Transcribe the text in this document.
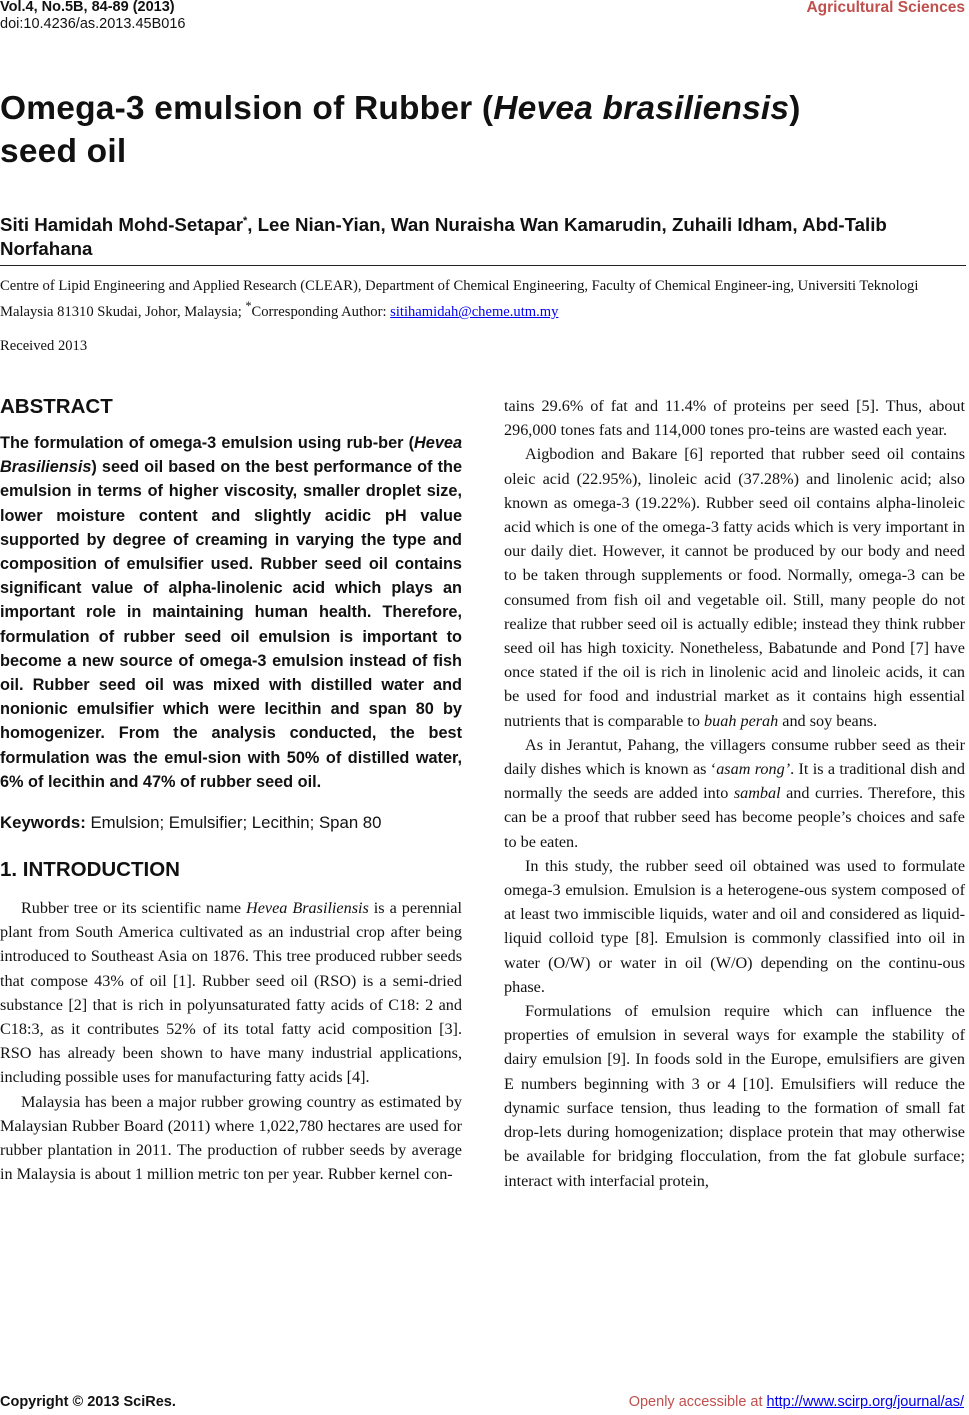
Vol.4, No.5B, 84-89 (2013)
doi:10.4236/as.2013.45B016
Agricultural Sciences
Omega-3 emulsion of Rubber (Hevea brasiliensis)
seed oil

Siti Hamidah Mohd-Setapar*, Lee Nian-Yian, Wan Nuraisha Wan Kamarudin, Zuhaili Idham, Abd-Talib Norfahana

Centre of Lipid Engineering and Applied Research (CLEAR), Department of Chemical Engineering, Faculty of Chemical Engineer-ing, Universiti Teknologi Malaysia 81310 Skudai, Johor, Malaysia; *Corresponding Author: sitihamidah@cheme.utm.my

Received 2013
ABSTRACT

The formulation of omega-3 emulsion using rub-ber (Hevea Brasiliensis) seed oil based on the best performance of the emulsion in terms of higher viscosity, smaller droplet size, lower moisture content and slightly acidic pH value supported by degree of creaming in varying the type and composition of emulsifier used. Rubber seed oil contains significant value of alpha-linolenic acid which plays an important role in maintaining human health. Therefore, formulation of rubber seed oil emulsion is important to become a new source of omega-3 emulsion instead of fish oil. Rubber seed oil was mixed with distilled water and nonionic emulsifier which were lecithin and span 80 by homogenizer. From the analysis conducted, the best formulation was the emul-sion with 50% of distilled water, 6% of lecithin and 47% of rubber seed oil.

Keywords: Emulsion; Emulsifier; Lecithin; Span 80

1. INTRODUCTION

Rubber tree or its scientific name Hevea Brasiliensis is a perennial plant from South America cultivated as an industrial crop after being introduced to Southeast Asia on 1876. This tree produced rubber seeds that compose 43% of oil [1]. Rubber seed oil (RSO) is a semi-dried substance [2] that is rich in polyunsaturated fatty acids of C18: 2 and C18:3, as it contributes 52% of its total fatty acid composition [3]. RSO has already been shown to have many industrial applications, including possible uses for manufacturing fatty acids [4].

Malaysia has been a major rubber growing country as estimated by Malaysian Rubber Board (2011) where 1,022,780 hectares are used for rubber plantation in 2011. The production of rubber seeds by average in Malaysia is about 1 million metric ton per year. Rubber kernel con-

tains 29.6% of fat and 11.4% of proteins per seed [5]. Thus, about 296,000 tones fats and 114,000 tones pro-teins are wasted each year.

Aigbodion and Bakare [6] reported that rubber seed oil contains oleic acid (22.95%), linoleic acid (37.28%) and linolenic acid; also known as omega-3 (19.22%). Rubber seed oil contains alpha-linoleic acid which is one of the omega-3 fatty acids which is very important in our daily diet. However, it cannot be produced by our body and need to be taken through supplements or food. Normally, omega-3 can be consumed from fish oil and vegetable oil. Still, many people do not realize that rubber seed oil is actually edible; instead they think rubber seed oil has high toxicity. Nonetheless, Babatunde and Pond [7] have once stated if the oil is rich in linolenic acid and linoleic acids, it can be used for food and industrial market as it contains high essential nutrients that is comparable to buah perah and soy beans.

As in Jerantut, Pahang, the villagers consume rubber seed as their daily dishes which is known as ‘asam rong’. It is a traditional dish and normally the seeds are added into sambal and curries. Therefore, this can be a proof that rubber seed has become people’s choices and safe to be eaten.

In this study, the rubber seed oil obtained was used to formulate omega-3 emulsion. Emulsion is a heterogene-ous system composed of at least two immiscible liquids, water and oil and considered as liquid-liquid colloid type [8]. Emulsion is commonly classified into oil in water (O/W) or water in oil (W/O) depending on the continu-ous phase.

Formulations of emulsion require which can influence the properties of emulsion in several ways for example the stability of dairy emulsion [9]. In foods sold in the Europe, emulsifiers are given E numbers beginning with 3 or 4 [10]. Emulsifiers will reduce the dynamic surface tension, thus leading to the formation of small fat drop-lets during homogenization; displace protein that may otherwise be available for bridging flocculation, from the fat globule surface; interact with interfacial protein,

Copyright © 2013 SciRes.	Openly accessible at http://www.scirp.org/journal/as/
